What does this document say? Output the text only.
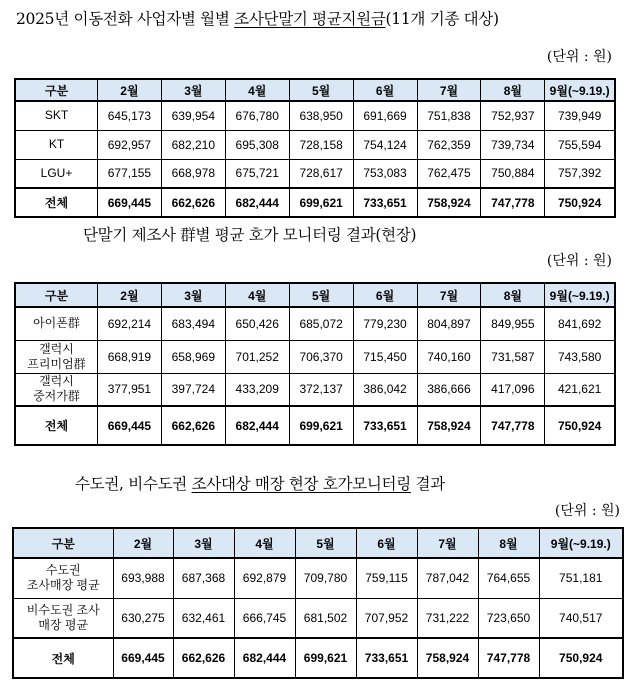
2025년 이동전화 사업자별 월별 조사단말기 평균지원금(11개 기종 대상)
(단위 : 원)
구분	2월	3월	4월	5월	6월	7월	8월	9월(~9.19.)

SKT	645,173	639,954	676,780	638,950	691,669	751,838	752,937	739,949

KT	692,957	682,210	695,308	728,158	754,124	762,359	739,734	755,594

LGU+	677,155	668,978	675,721	728,617	753,083	762,475	750,884	757,392
전체	669,445	662,626	682,444	699,621	733,651	758,924	747,778	750,924
단말기 제조사 群별 평균 호가 모니터링 결과(현장)
(단위 : 원)
구분	2월	3월	4월	5월	6월	7월	8월	9월(~9.19.)

아이폰群	692,214	683,494	650,426	685,072	779,230	804,897	849,955	841,692

갤럭시
프리미엄群	668,919	658,969	701,252	706,370	715,450	740,160	731,587	743,580

갤럭시
중저가群	377,951	397,724	433,209	372,137	386,042	386,666	417,096	421,621
전체	669,445	662,626	682,444	699,621	733,651	758,924	747,778	750,924
수도권, 비수도권 조사대상 매장 현장 호가모니터링 결과
(단위 : 원)
구분	2월	3월	4월	5월	6월	7월	8월	9월(~9.19.)

수도권
조사매장 평균	693,988	687,368	692,879	709,780	759,115	787,042	764,655	751,181

비수도권 조사
매장 평균	630,275	632,461	666,745	681,502	707,952	731,222	723,650	740,517
전체	669,445	662,626	682,444	699,621	733,651	758,924	747,778	750,924
